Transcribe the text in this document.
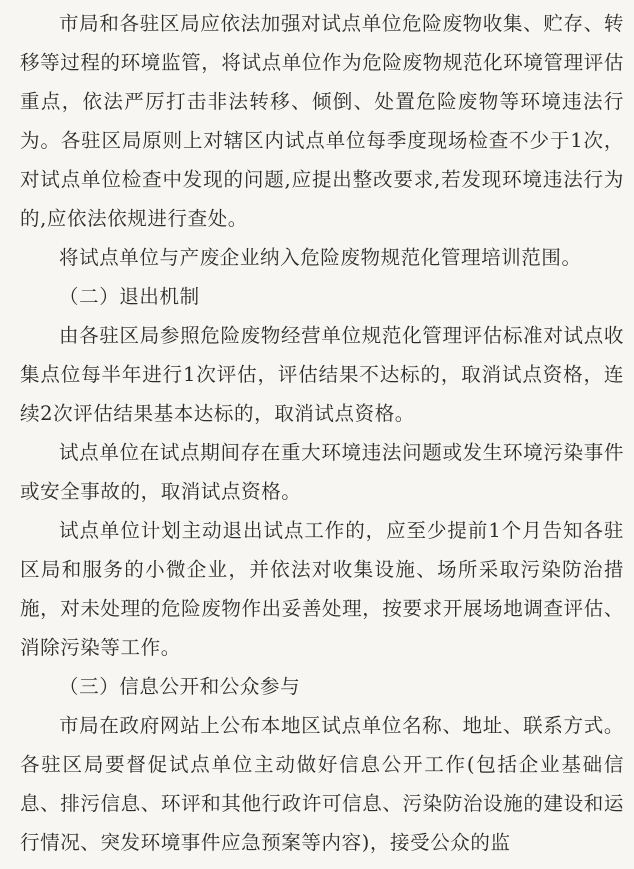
市局和各驻区局应依法加强对试点单位危险废物收集、贮存、转移等过程的环境监管，将试点单位作为危险废物规范化环境管理评估重点，依法严厉打击非法转移、倾倒、处置危险废物等环境违法行为。各驻区局原则上对辖区内试点单位每季度现场检查不少于1次，对试点单位检查中发现的问题,应提出整改要求,若发现环境违法行为的,应依法依规进行查处。

将试点单位与产废企业纳入危险废物规范化管理培训范围。

（二）退出机制

由各驻区局参照危险废物经营单位规范化管理评估标准对试点收集点位每半年进行1次评估，评估结果不达标的，取消试点资格，连续2次评估结果基本达标的，取消试点资格。

试点单位在试点期间存在重大环境违法问题或发生环境污染事件或安全事故的，取消试点资格。

试点单位计划主动退出试点工作的，应至少提前1个月告知各驻区局和服务的小微企业，并依法对收集设施、场所采取污染防治措施，对未处理的危险废物作出妥善处理，按要求开展场地调查评估、消除污染等工作。

（三）信息公开和公众参与

市局在政府网站上公布本地区试点单位名称、地址、联系方式。各驻区局要督促试点单位主动做好信息公开工作(包括企业基础信息、排污信息、环评和其他行政许可信息、污染防治设施的建设和运行情况、突发环境事件应急预案等内容)，接受公众的监
